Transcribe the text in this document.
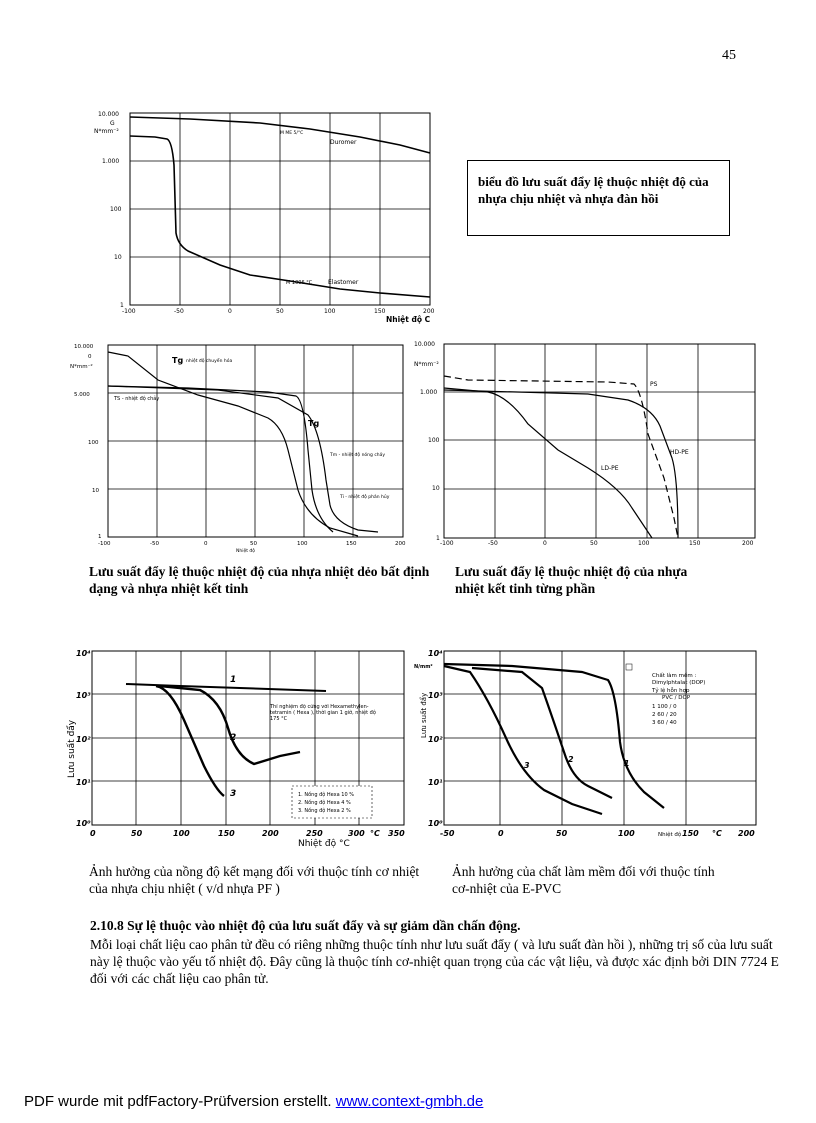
45
10.000
G
N*mm⁻²
1.000
100
10
1
-100	-50	0	50	100	150	200
Nhiệt độ C
Duromer
M ME 5/°C
Elastomer
M 1006 °C
biểu đồ lưu suất đẩy lệ thuộc nhiệt độ của nhựa chịu nhiệt và nhựa đàn hồi
10.000
0
N*mm⁻²
5.000
100
10
1
-100	-50	0	50	100	150	200
Nhiệt độ
Tg nhiệt độ chuyển hóa
TS - nhiệt độ chảy
Tg
Tm - nhiệt độ nóng chảy
Ti - nhiệt độ phân hủy
10.000
N*mm⁻²
1.000
100
10
1
-100	-50	0	50	100	150	200
PS
HD-PE
LD-PE
Lưu suất đẩy lệ thuộc nhiệt độ của nhựa nhiệt dẻo bất định dạng và nhựa nhiệt kết tinh
Lưu suất đẩy lệ thuộc nhiệt độ của nhựa nhiệt kết tinh từng phần
Lưu suất đẩy
10⁴
10³
10²
10¹
10⁰
0	50	100	150	200	250	300 °C 350
1
2
3
Nhiệt độ °C
Thí nghiệm độ cứng với Hexamethylen-tetramin ( Hexa ), thời gian 1 giờ, nhiệt độ 175 °C
1. Nồng độ Hexa 10 %
2. Nồng độ Hexa 4 %
3. Nồng độ Hexa 2 %
Lưu suất đẩy
N/mm²
10⁴
10³
10²
10¹
10⁰
-50	0	50	100	150 °C 200
1
2
3
Nhiệt độ
Chất làm mềm :
Dimylphtalat (DOP)
Tỷ lệ hỗn hợp
PVC / DOP
1 100 / 0
2 60 / 20
3 60 / 40
Ảnh hưởng của nồng độ kết mạng đối với thuộc tính cơ nhiệt của nhựa chịu nhiệt ( v/d nhựa PF )
Ảnh hưởng của chất làm mềm đối với thuộc tính cơ-nhiệt của E-PVC
2.10.8 Sự lệ thuộc vào nhiệt độ của lưu suất đẩy và sự giảm dần chấn động.
Mỗi loại chất liệu cao phân tử đều có riêng những thuộc tính như lưu suất đẩy ( và lưu suất đàn hồi ), những trị số của lưu suất này lệ thuộc vào yếu tố nhiệt độ. Đây cũng là thuộc tính cơ-nhiệt quan trọng của các vật liệu, và được xác định bởi DIN 7724 E đối với các chất liệu cao phân tử.
PDF wurde mit pdfFactory-Prüfversion erstellt. www.context-gmbh.de
